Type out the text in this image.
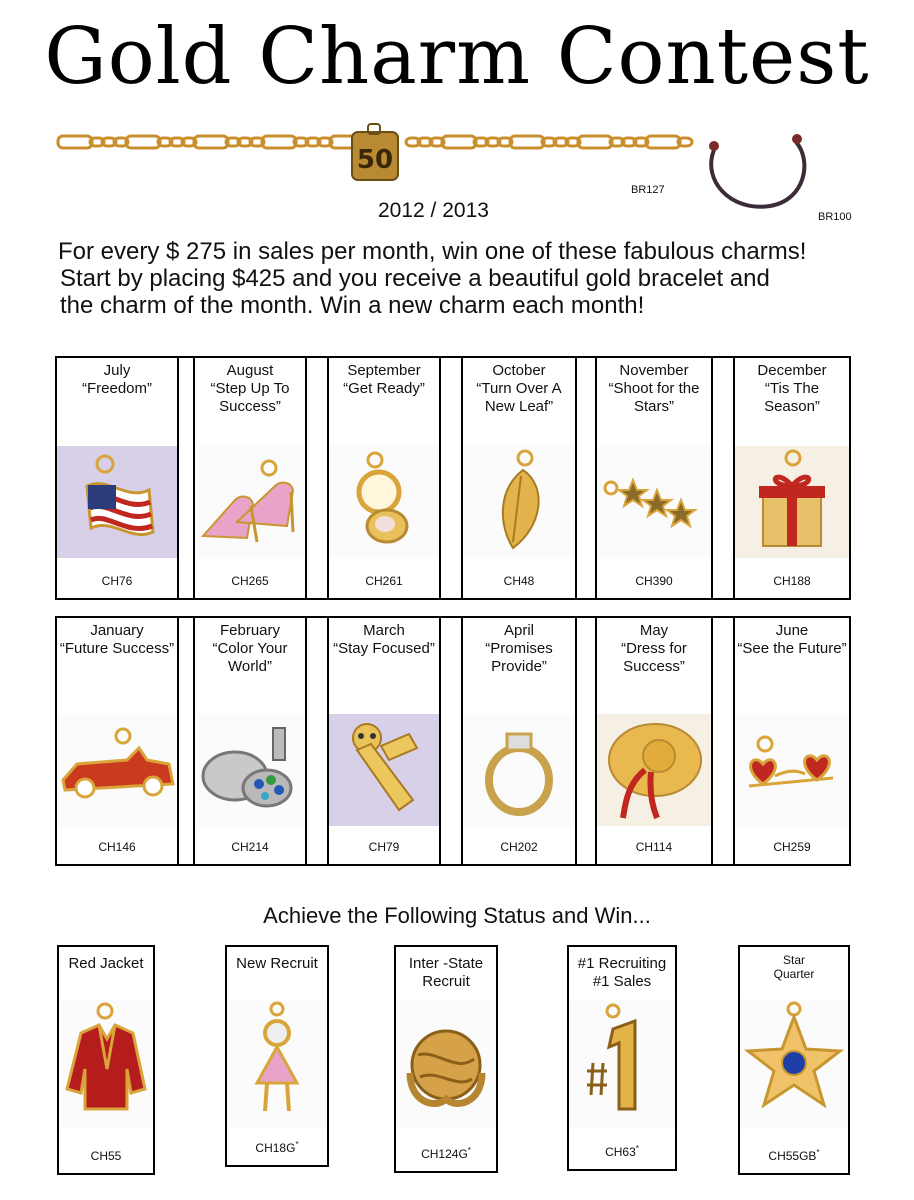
Gold Charm Contest
50
BR127
BR100
2012 / 2013
For every $ 275 in sales per month, win one of these fabulous charms!
Start by placing $425 and you receive a beautiful gold bracelet and
the charm of the month. Win a new charm each month!
July
“Freedom”
CH76
August
“Step Up To Success”
CH265
September
“Get Ready”
CH261
October
“Turn Over A New Leaf”
CH48
November
“Shoot for the Stars”
CH390
December
“Tis The Season”
CH188
January
“Future Success”
CH146
February
“Color Your World”
CH214
March
“Stay Focused”
CH79
April
“Promises Provide”
CH202
May
“Dress for Success”
CH114
June
“See the Future”
CH259
Achieve the Following Status and Win...
Red Jacket
CH55
New Recruit
CH18G*
Inter -State Recruit
CH124G*
#1 Recruiting #1 Sales
CH63*
Star Quarter
CH55GB*
